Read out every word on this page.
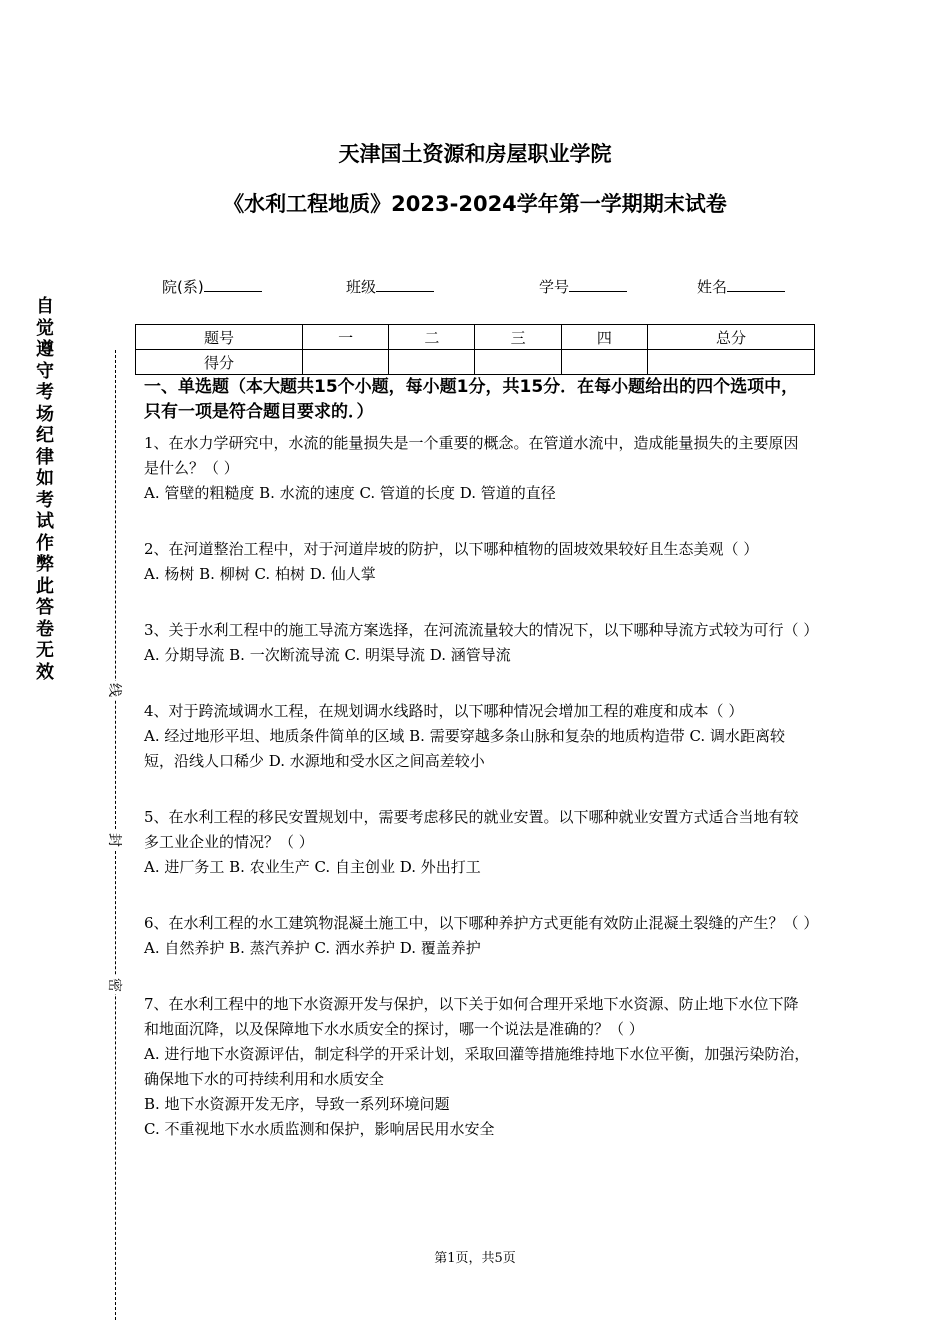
天津国土资源和房屋职业学院
《水利工程地质》2023-2024学年第一学期期末试卷
院(系)	班级	学号	姓名
题号	一	二	三	四	总分
得分					
自
觉
遵
守
考
场
纪
律
如
考
试
作
弊
此
答
卷
无
效
线
封
密
一、单选题（本大题共15个小题，每小题1分，共15分．在每小题给出的四个选项中，只有一项是符合题目要求的．）
1、在水力学研究中，水流的能量损失是一个重要的概念。在管道水流中，造成能量损失的主要原因是什么？（ ）
A. 管壁的粗糙度 B. 水流的速度 C. 管道的长度 D. 管道的直径
2、在河道整治工程中，对于河道岸坡的防护，以下哪种植物的固坡效果较好且生态美观（ ）
A. 杨树 B. 柳树 C. 柏树 D. 仙人掌
3、关于水利工程中的施工导流方案选择，在河流流量较大的情况下，以下哪种导流方式较为可行（ ）
A. 分期导流 B. 一次断流导流 C. 明渠导流 D. 涵管导流
4、对于跨流域调水工程，在规划调水线路时，以下哪种情况会增加工程的难度和成本（ ）
A. 经过地形平坦、地质条件简单的区域 B. 需要穿越多条山脉和复杂的地质构造带 C. 调水距离较短，沿线人口稀少 D. 水源地和受水区之间高差较小
5、在水利工程的移民安置规划中，需要考虑移民的就业安置。以下哪种就业安置方式适合当地有较多工业企业的情况？（ ）
A. 进厂务工 B. 农业生产 C. 自主创业 D. 外出打工
6、在水利工程的水工建筑物混凝土施工中，以下哪种养护方式更能有效防止混凝土裂缝的产生？（ ）
A. 自然养护 B. 蒸汽养护 C. 洒水养护 D. 覆盖养护
7、在水利工程中的地下水资源开发与保护，以下关于如何合理开采地下水资源、防止地下水位下降和地面沉降，以及保障地下水水质安全的探讨，哪一个说法是准确的？（ ）
A. 进行地下水资源评估，制定科学的开采计划，采取回灌等措施维持地下水位平衡，加强污染防治，确保地下水的可持续利用和水质安全
B. 地下水资源开发无序，导致一系列环境问题
C. 不重视地下水水质监测和保护，影响居民用水安全
第1页，共5页
